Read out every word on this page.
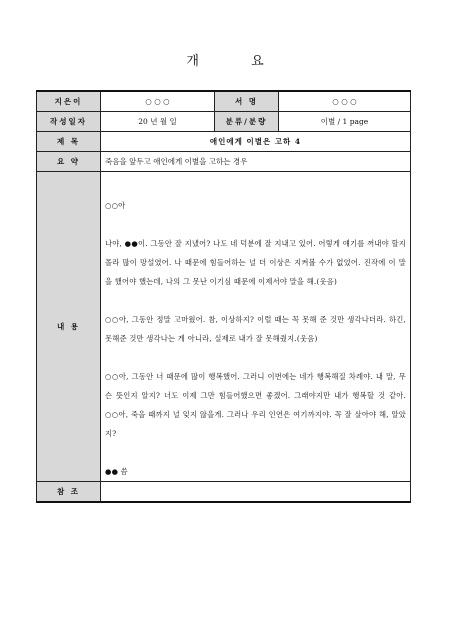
개 요
지은이	○ ○ ○	서 명	○ ○ ○
작성일자	20 년 월 일	분류/분량	이별 / 1 page
제 목	애인에게 이별은 고하 4		
요 약	죽음을 앞두고 애인에게 이별을 고하는 경우		
내 용	○○아

나야, ●●이. 그동안 잘 지냈어? 나도 네 덕분에 잘 지내고 있어. 어렇게 얘기를 꺼내야 할지 몰라 많이 망설였어. 나 때문에 힘들어하는 널 더 이상은 지켜볼 수가 없었어. 진작에 이 말을 했어야 했는데, 나의 그 못난 이기심 때문에 이제서야 말을 해.(웃음)

○○아, 그동안 정말 고마웠어. 참, 이상하지? 이럴 때는 꼭 못해 준 것만 생각나더라. 하긴, 못해준 것만 생각나는 게 아니라, 실제로 내가 잘 못해줬지.(웃음)

○○아, 그동안 너 때문에 많이 행복했어. 그러니 이번에는 네가 행복해질 차례야. 내 말, 무슨 뜻인지 알지? 너도 이제 그만 힘들어했으면 좋겠어. 그래야지만 내가 행복할 것 같아. ○○아, 죽을 때까지 널 잊지 않을게. 그러나 우리 인연은 여기까지야. 꼭 잘 살아야 해, 알았지?

●● 씀		

참 조			
